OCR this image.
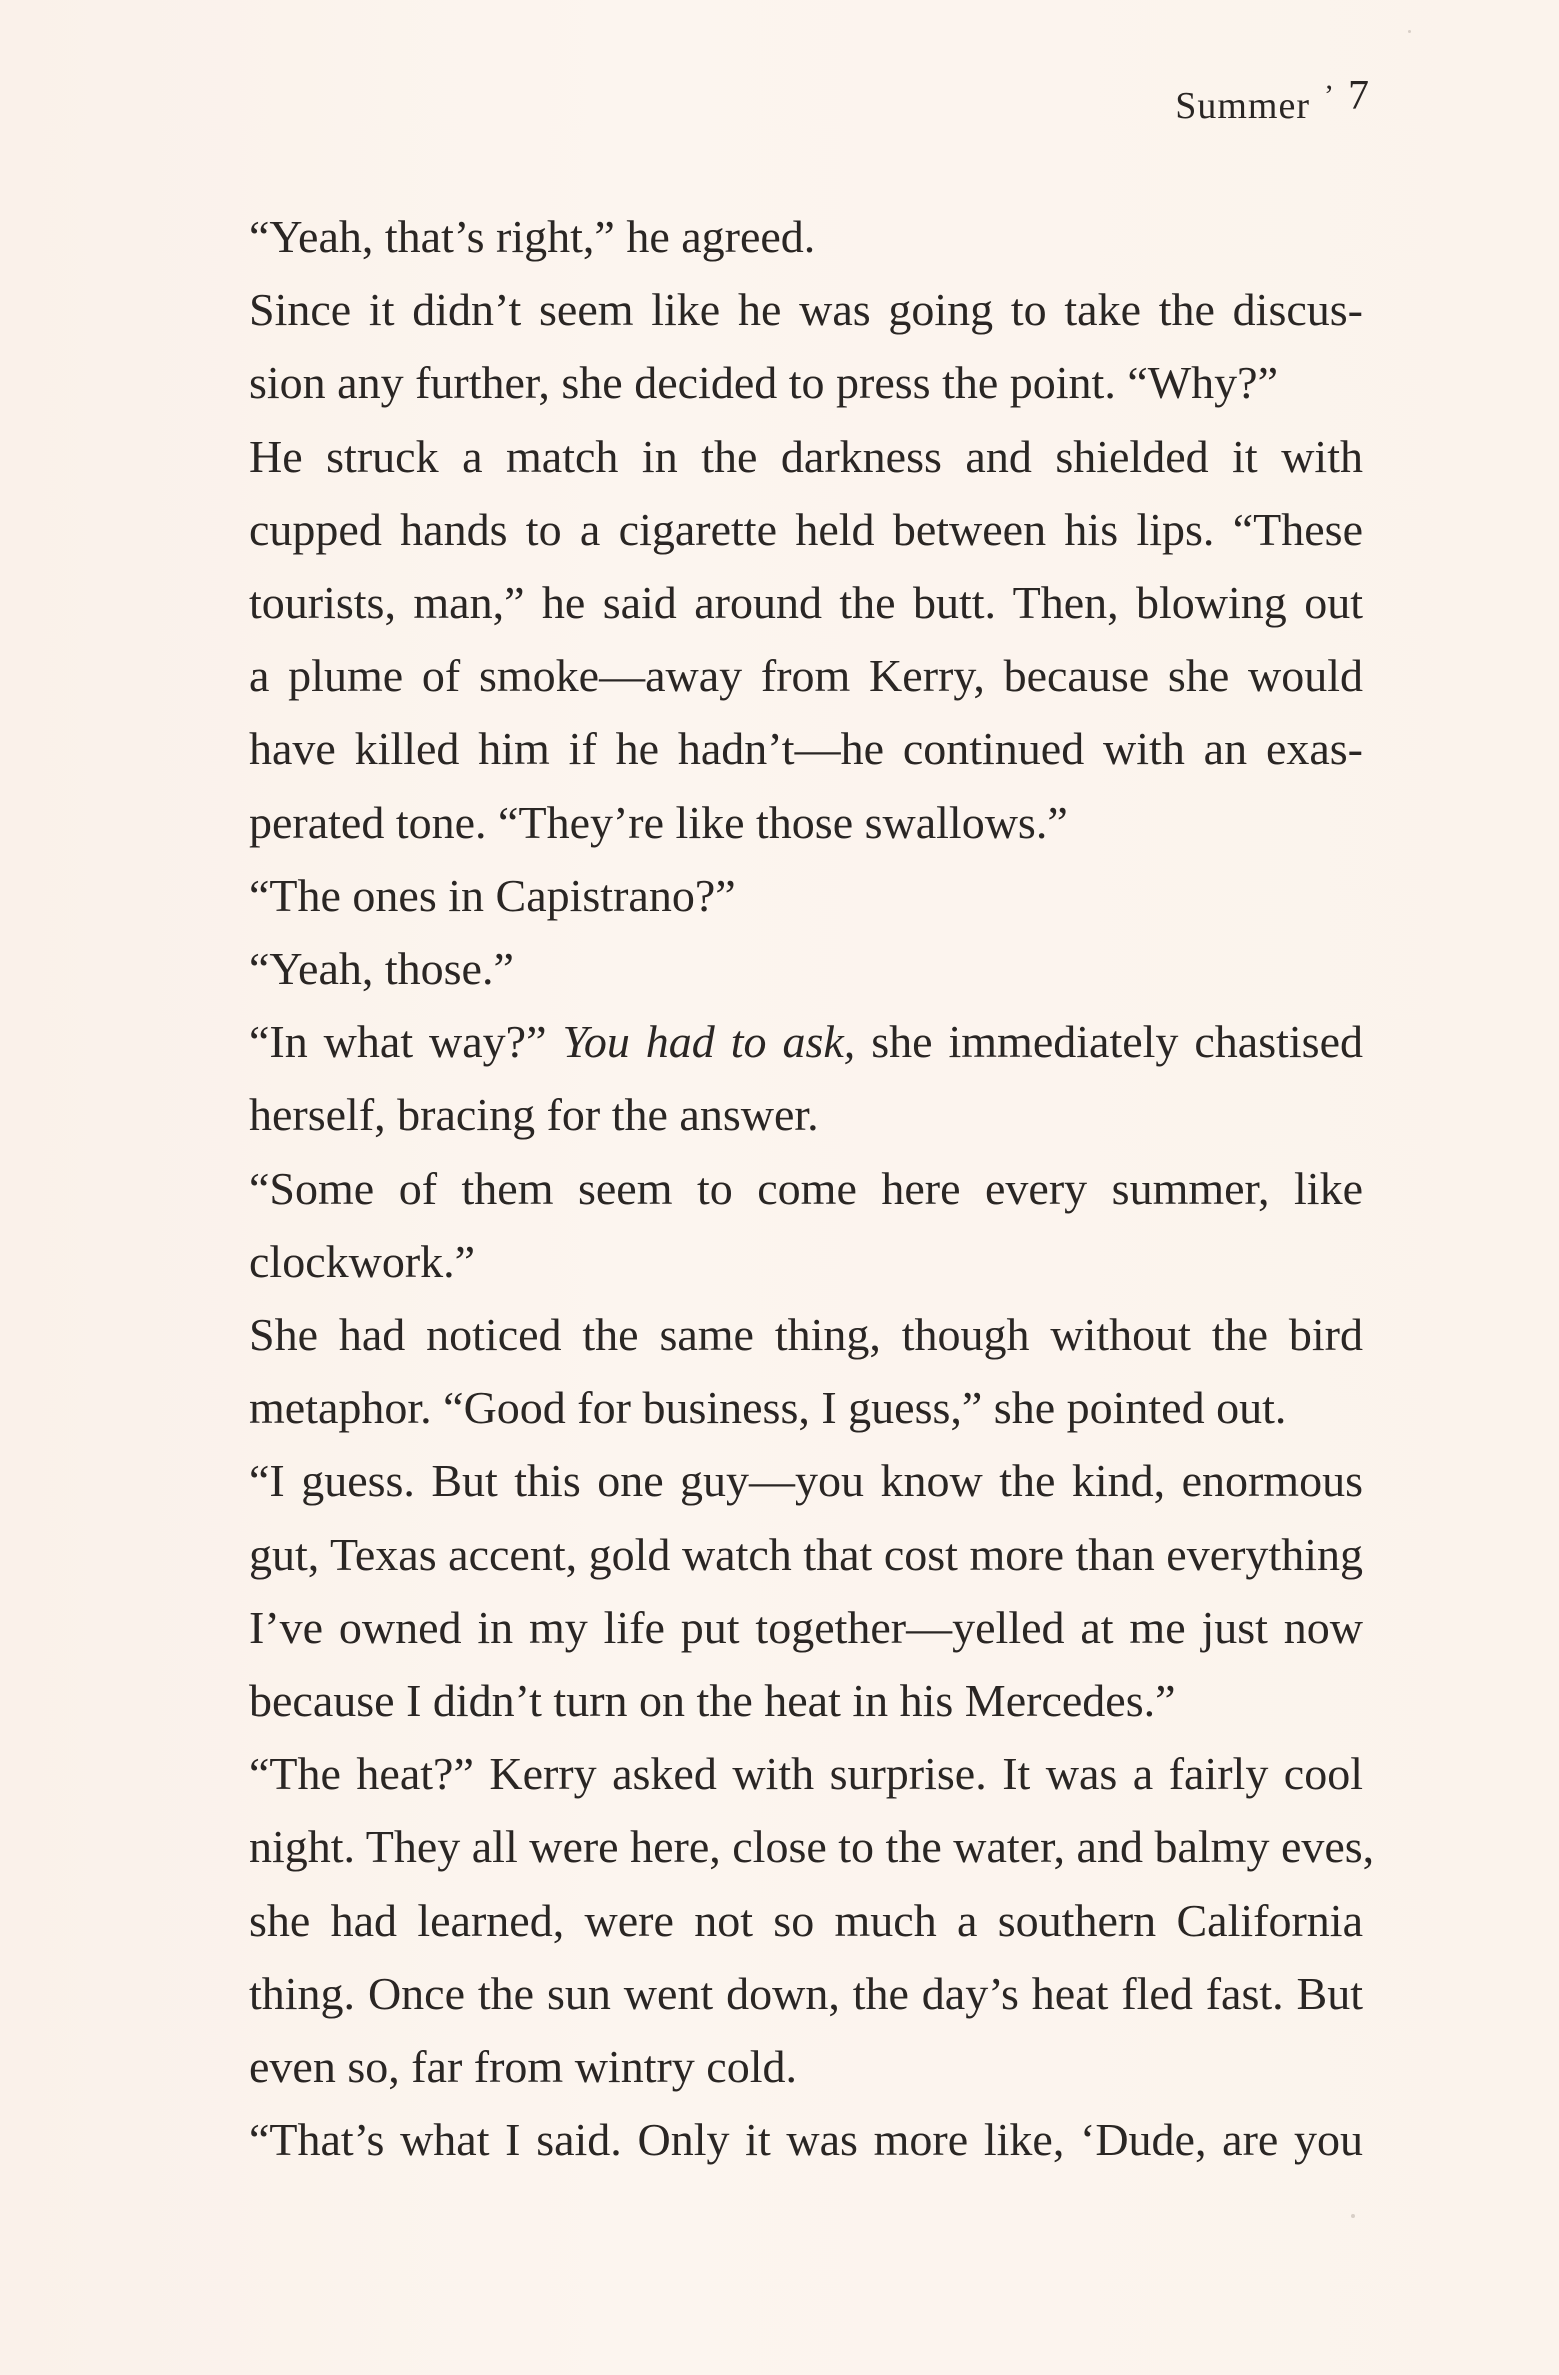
Summer ’ 7

“Yeah, that’s right,” he agreed.

Since it didn’t seem like he was going to take the discus-
sion any further, she decided to press the point. “Why?”

He struck a match in the darkness and shielded it with
cupped hands to a cigarette held between his lips. “These
tourists, man,” he said around the butt. Then, blowing out
a plume of smoke—away from Kerry, because she would
have killed him if he hadn’t—he continued with an exas-
perated tone. “They’re like those swallows.”

“The ones in Capistrano?”

“Yeah, those.”

“In what way?” You had to ask, she immediately chastised
herself, bracing for the answer.

“Some of them seem to come here every summer, like
clockwork.”

She had noticed the same thing, though without the bird
metaphor. “Good for business, I guess,” she pointed out.

“I guess. But this one guy—you know the kind, enormous
gut, Texas accent, gold watch that cost more than everything
I’ve owned in my life put together—yelled at me just now
because I didn’t turn on the heat in his Mercedes.”

“The heat?” Kerry asked with surprise. It was a fairly cool
night. They all were here, close to the water, and balmy eves,
she had learned, were not so much a southern California
thing. Once the sun went down, the day’s heat fled fast. But
even so, far from wintry cold.

“That’s what I said. Only it was more like, ‘Dude, are you
